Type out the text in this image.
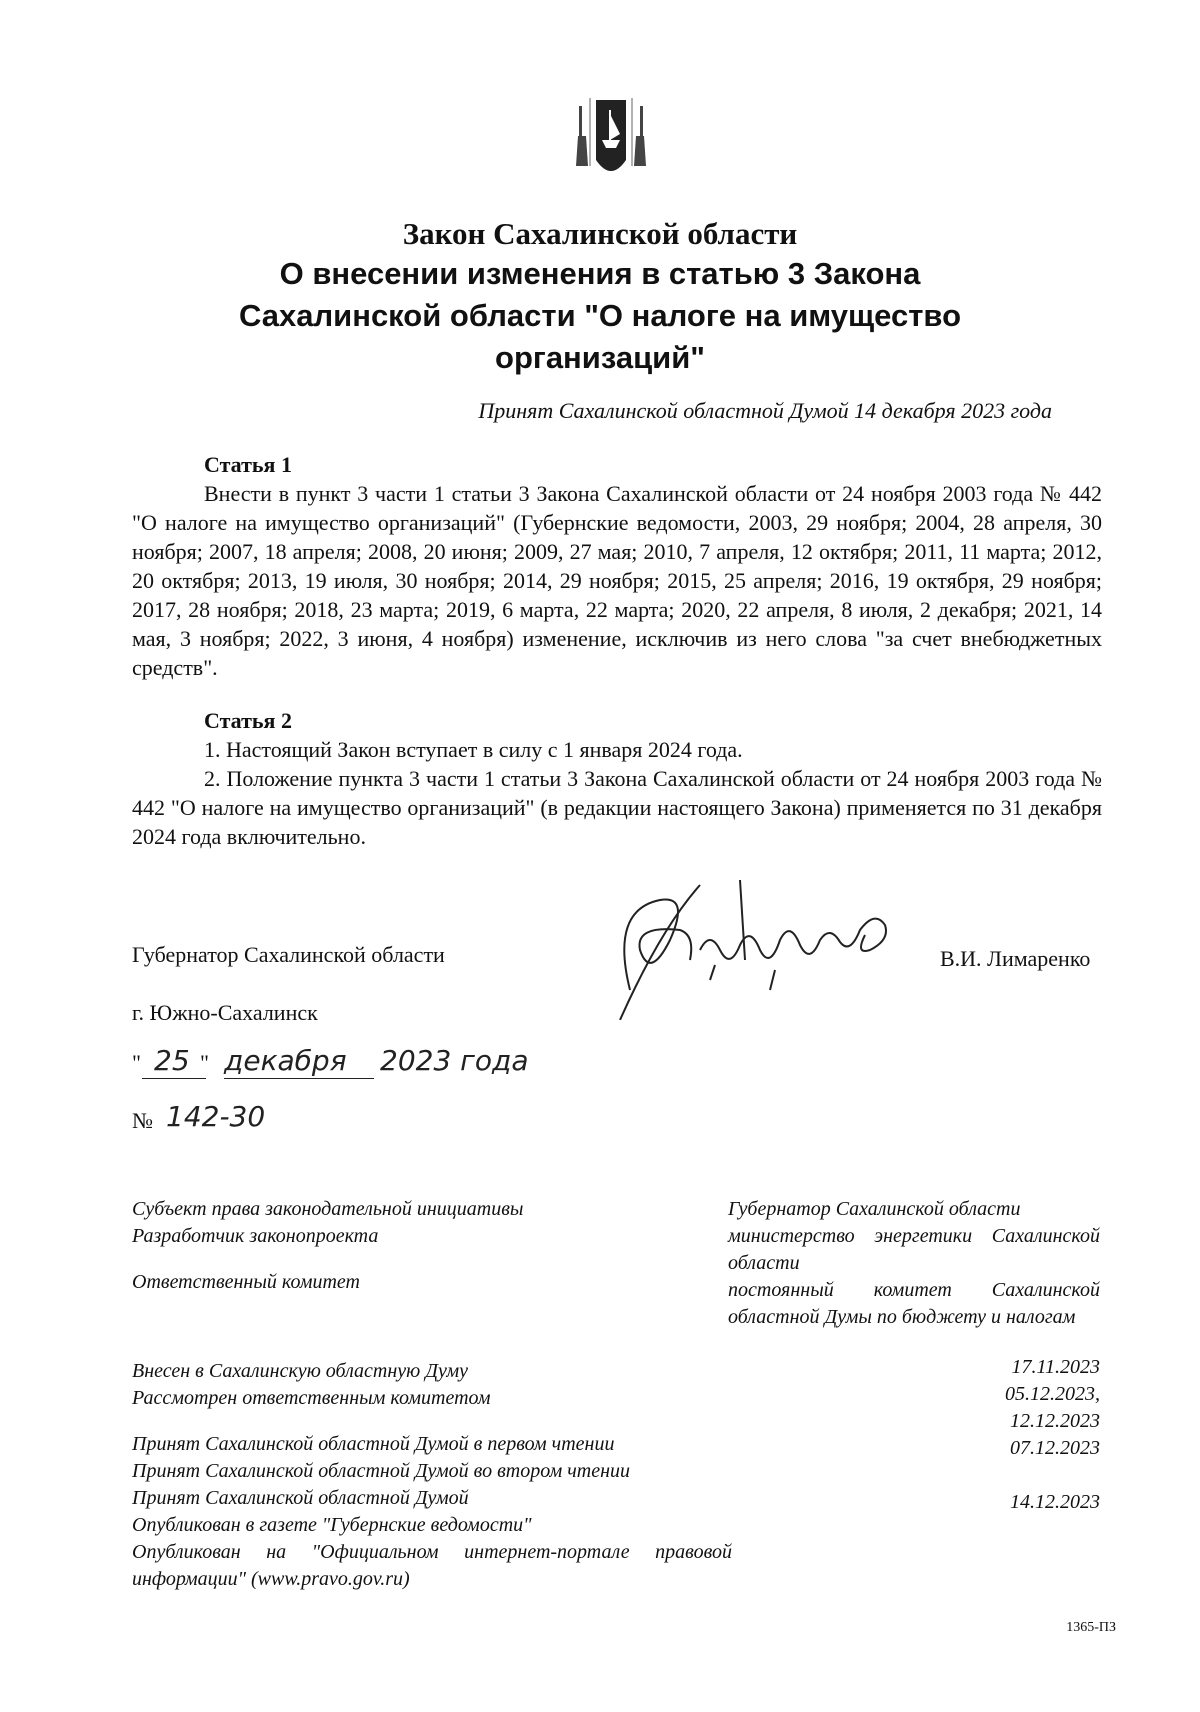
Закон Сахалинской области
О внесении изменения в статью 3 Закона
Сахалинской области "О налоге на имущество
организаций"
Принят Сахалинской областной Думой 14 декабря 2023 года
Статья 1

Внести в пункт 3 части 1 статьи 3 Закона Сахалинской области от 24 ноября 2003 года № 442 "О налоге на имущество организаций" (Губернские ведомости, 2003, 29 ноября; 2004, 28 апреля, 30 ноября; 2007, 18 апреля; 2008, 20 июня; 2009, 27 мая; 2010, 7 апреля, 12 октября; 2011, 11 марта; 2012, 20 октября; 2013, 19 июля, 30 ноября; 2014, 29 ноября; 2015, 25 апреля; 2016, 19 октября, 29 ноября; 2017, 28 ноября; 2018, 23 марта; 2019, 6 марта, 22 марта; 2020, 22 апреля, 8 июля, 2 декабря; 2021, 14 мая, 3 ноября; 2022, 3 июня, 4 ноября) изменение, исключив из него слова "за счет внебюджетных средств".

Статья 2

1. Настоящий Закон вступает в силу с 1 января 2024 года.

2. Положение пункта 3 части 1 статьи 3 Закона Сахалинской области от 24 ноября 2003 года № 442 "О налоге на имущество организаций" (в редакции настоящего Закона) применяется по 31 декабря 2024 года включительно.

Губернатор Сахалинской области	В.И. Лимаренко
г. Южно-Сахалинск
" 25 " декабря 2023 года
№ 142-30
Субъект права законодательной инициативы
Разработчик законопроекта
Ответственный комитет
Внесен в Сахалинскую областную Думу
Рассмотрен ответственным комитетом
Принят Сахалинской областной Думой в первом чтении
Принят Сахалинской областной Думой во втором чтении
Принят Сахалинской областной Думой
Опубликован в газете "Губернские ведомости"
Опубликован на "Официальном интернет-портале правовой информации" (www.pravo.gov.ru)
Губернатор Сахалинской области
министерство энергетики Сахалинской области
постоянный комитет Сахалинской областной Думы по бюджету и налогам
17.11.2023
05.12.2023,
12.12.2023
07.12.2023
14.12.2023
1365-ПЗ
